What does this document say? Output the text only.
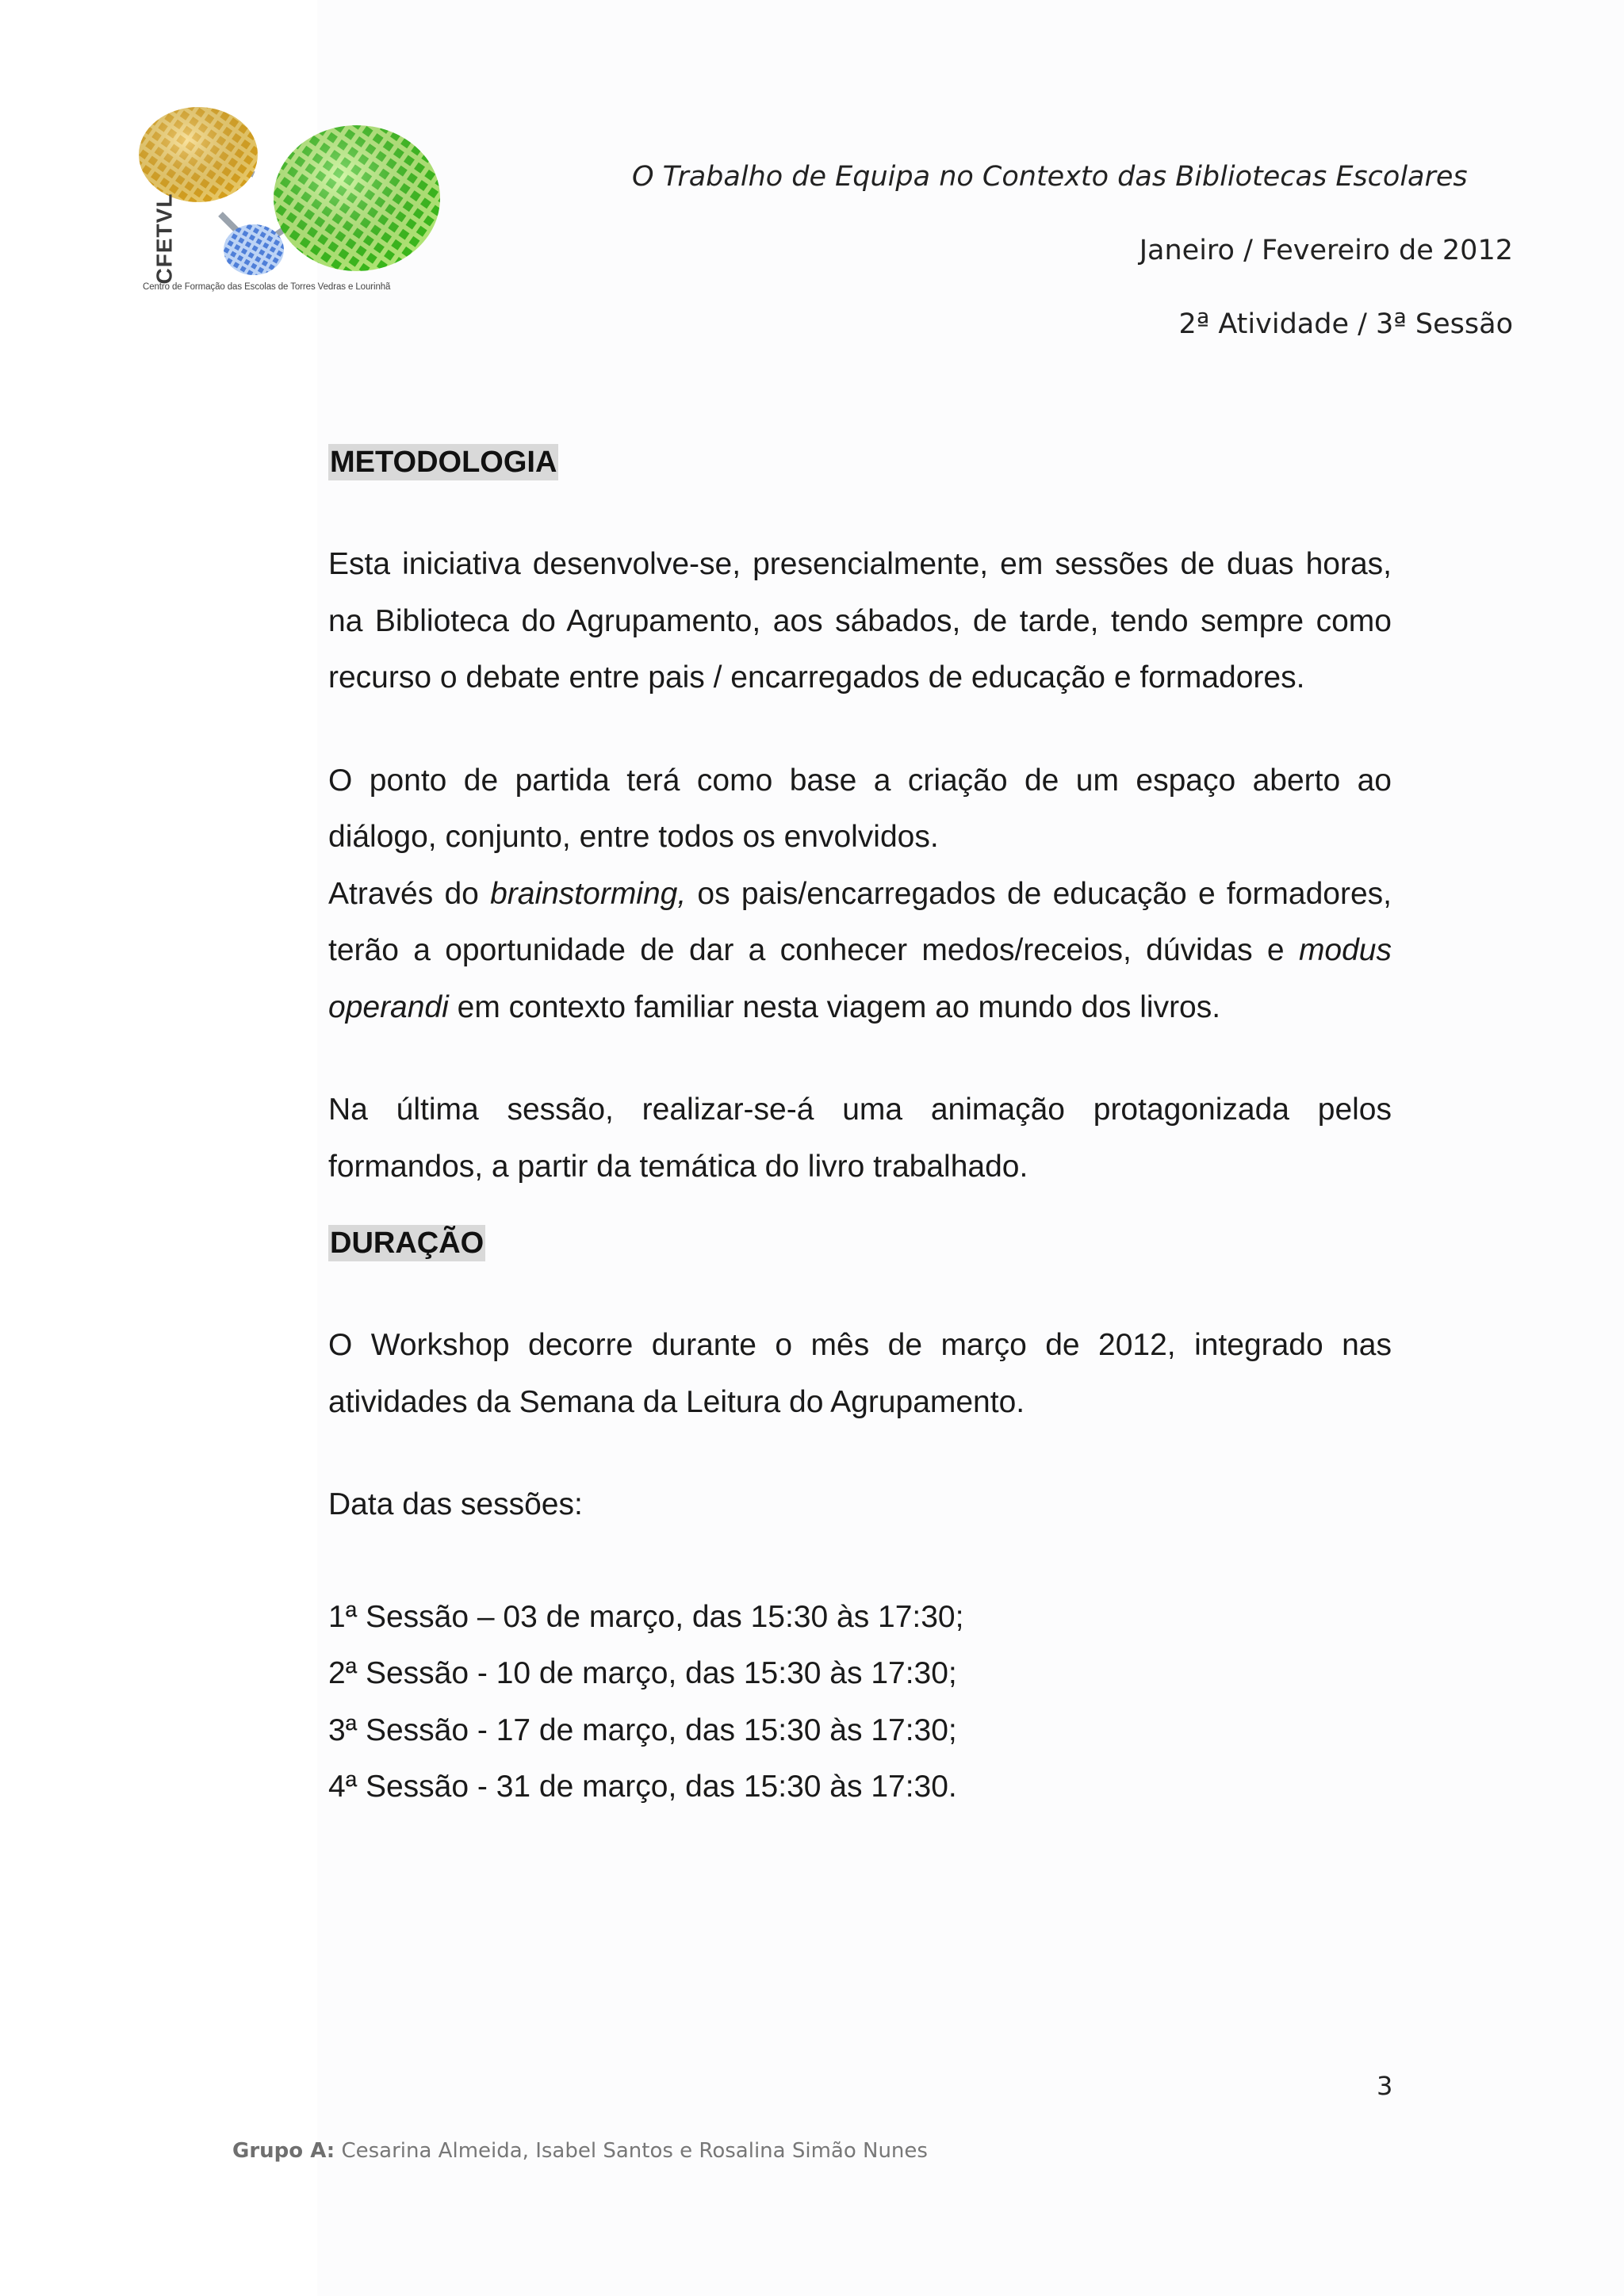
CFETVL
Centro de Formação das Escolas de Torres Vedras e Lourinhã
O Trabalho de Equipa no Contexto das Bibliotecas Escolares
Janeiro / Fevereiro de 2012
2ª Atividade / 3ª Sessão
METODOLOGIA

Esta iniciativa desenvolve-se, presencialmente, em sessões de duas horas, na Biblioteca do Agrupamento, aos sábados, de tarde, tendo sempre como recurso o debate entre pais / encarregados de educação e formadores.

O ponto de partida terá como base a criação de um espaço aberto ao diálogo, conjunto, entre todos os envolvidos.

Através do brainstorming, os pais/encarregados de educação e formadores, terão a oportunidade de dar a conhecer medos/receios, dúvidas e modus operandi em contexto familiar nesta viagem ao mundo dos livros.

Na última sessão, realizar-se-á uma animação protagonizada pelos formandos, a partir da temática do livro trabalhado.

DURAÇÃO

O Workshop decorre durante o mês de março de 2012, integrado nas atividades da Semana da Leitura do Agrupamento.

Data das sessões:

1ª Sessão – 03 de março, das 15:30 às 17:30;

2ª Sessão - 10 de março, das 15:30 às 17:30;

3ª Sessão - 17 de março, das 15:30 às 17:30;

4ª Sessão - 31 de março, das 15:30 às 17:30.

3
Grupo A: Cesarina Almeida, Isabel Santos e Rosalina Simão Nunes
